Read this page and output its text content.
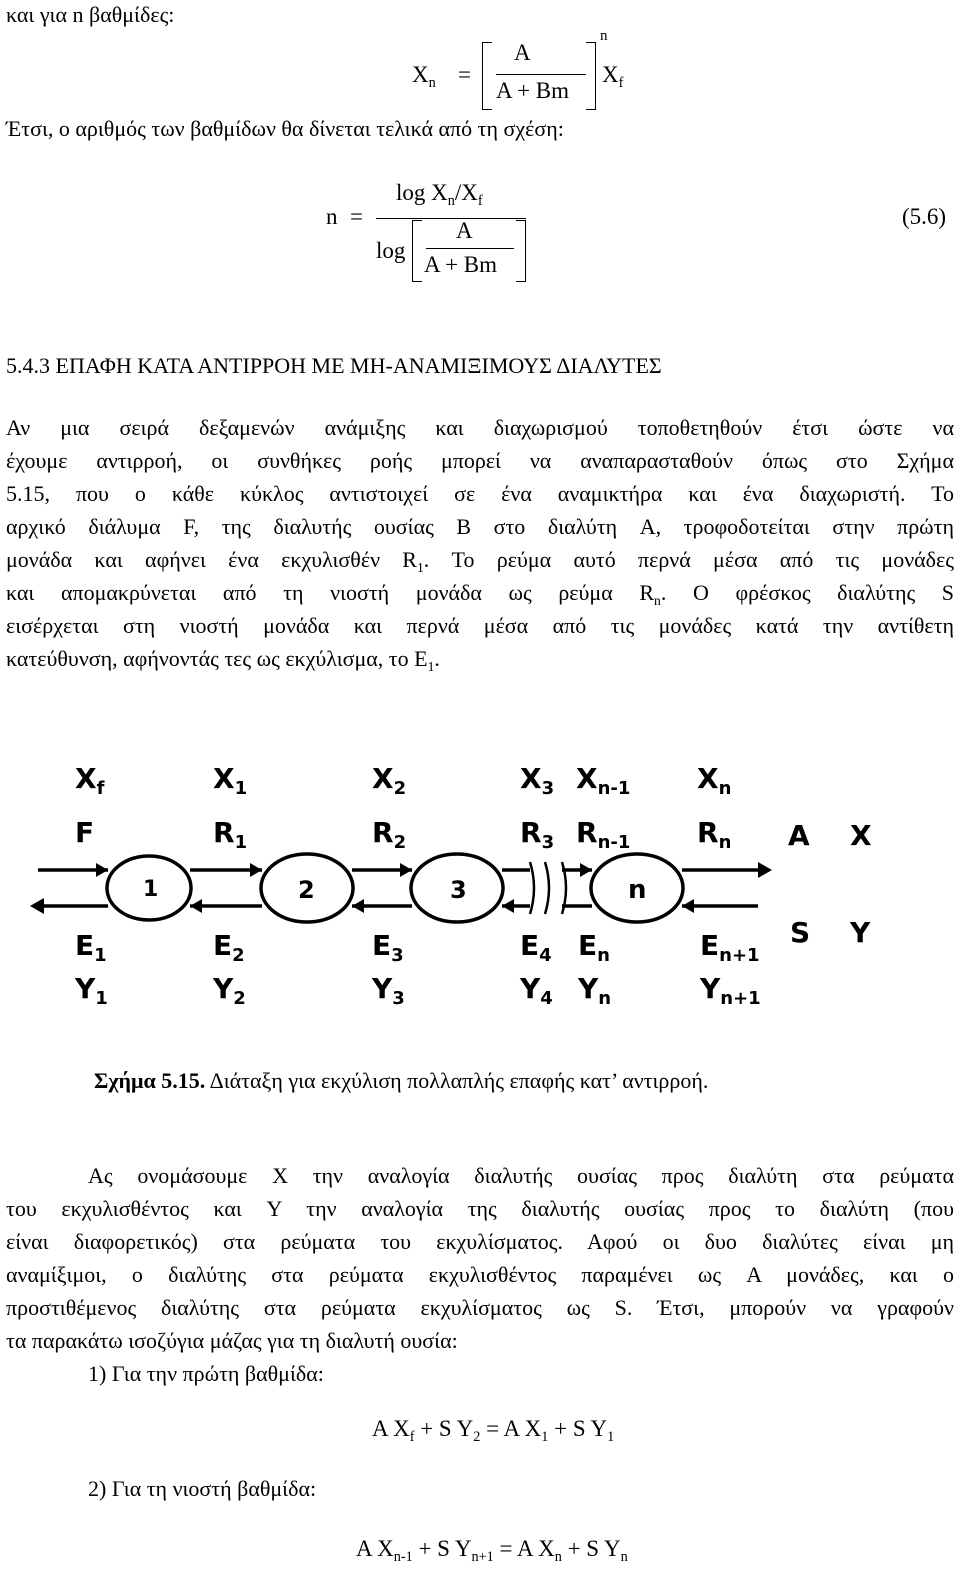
και για n βαθμίδες:
$X_n$ =
A
A + Bm
n
$X_f$
Έτσι, ο αριθμός των βαθμίδων θα δίνεται τελικά από τη σχέση:
n =
$\log X_n/X_f$
log
A
A + Bm
(5.6)
5.4.3 ΕΠΑΦΗ ΚΑΤΑ ΑΝΤΙΡΡΟΗ ΜΕ ΜΗ-ΑΝΑΜΙΞΙΜΟΥΣ ΔΙΑΛΥΤΕΣ
Αν μια σειρά δεξαμενών ανάμιξης και διαχωρισμού τοποθετηθούν έτσι ώστε να
έχουμε αντιρροή, οι συνθήκες ροής μπορεί να αναπαρασταθούν όπως στο Σχήμα
5.15, που ο κάθε κύκλος αντιστοιχεί σε ένα αναμικτήρα και ένα διαχωριστή. Το
αρχικό διάλυμα F, της διαλυτής ουσίας B στο διαλύτη A, τροφοδοτείται στην πρώτη
μονάδα και αφήνει ένα εκχυλισθέν $R_1$. Το ρεύμα αυτό περνά μέσα από τις μονάδες
και απομακρύνεται από τη νιοστή μονάδα ως ρεύμα $R_n$. Ο φρέσκος διαλύτης S
εισέρχεται στη νιοστή μονάδα και περνά μέσα από τις μονάδες κατά την αντίθετη
κατεύθυνση, αφήνοντάς τες ως εκχύλισμα, το $E_1$.
$X_f$	$X_1$	$X_2$	$X_3$ $X_{n-1}$ $X_n$
F	$R_1$	$R_2$	$R_3$ $R_{n-1}$ $R_n$ A X
1	2	3	n
$E_1$	$E_2$	$E_3$	$E_4$ $E_n$	$E_{n+1}$
S Y
$Y_1$	$Y_2$	$Y_3$	$Y_4$ $Y_n$	$Y_{n+1}$
Σχήμα 5.15. Διάταξη για εκχύλιση πολλαπλής επαφής κατ’ αντιρροή.
Ας ονομάσουμε X την αναλογία διαλυτής ουσίας προς διαλύτη στα ρεύματα
του εκχυλισθέντος και Y την αναλογία της διαλυτής ουσίας προς το διαλύτη (που
είναι διαφορετικός) στα ρεύματα του εκχυλίσματος. Αφού οι δυο διαλύτες είναι μη
αναμίξιμοι, ο διαλύτης στα ρεύματα εκχυλισθέντος παραμένει ως A μονάδες, και ο
προστιθέμενος διαλύτης στα ρεύματα εκχυλίσματος ως S. Έτσι, μπορούν να γραφούν
τα παρακάτω ισοζύγια μάζας για τη διαλυτή ουσία:
1) Για την πρώτη βαθμίδα:
A $X_f + S$ $Y_2 = A$ $X_1 + S$ $Y_1$
2) Για τη νιοστή βαθμίδα:
A $X_{n-1} + S$ $Y_{n+1} = A$ $X_n + S$ $Y_n$
